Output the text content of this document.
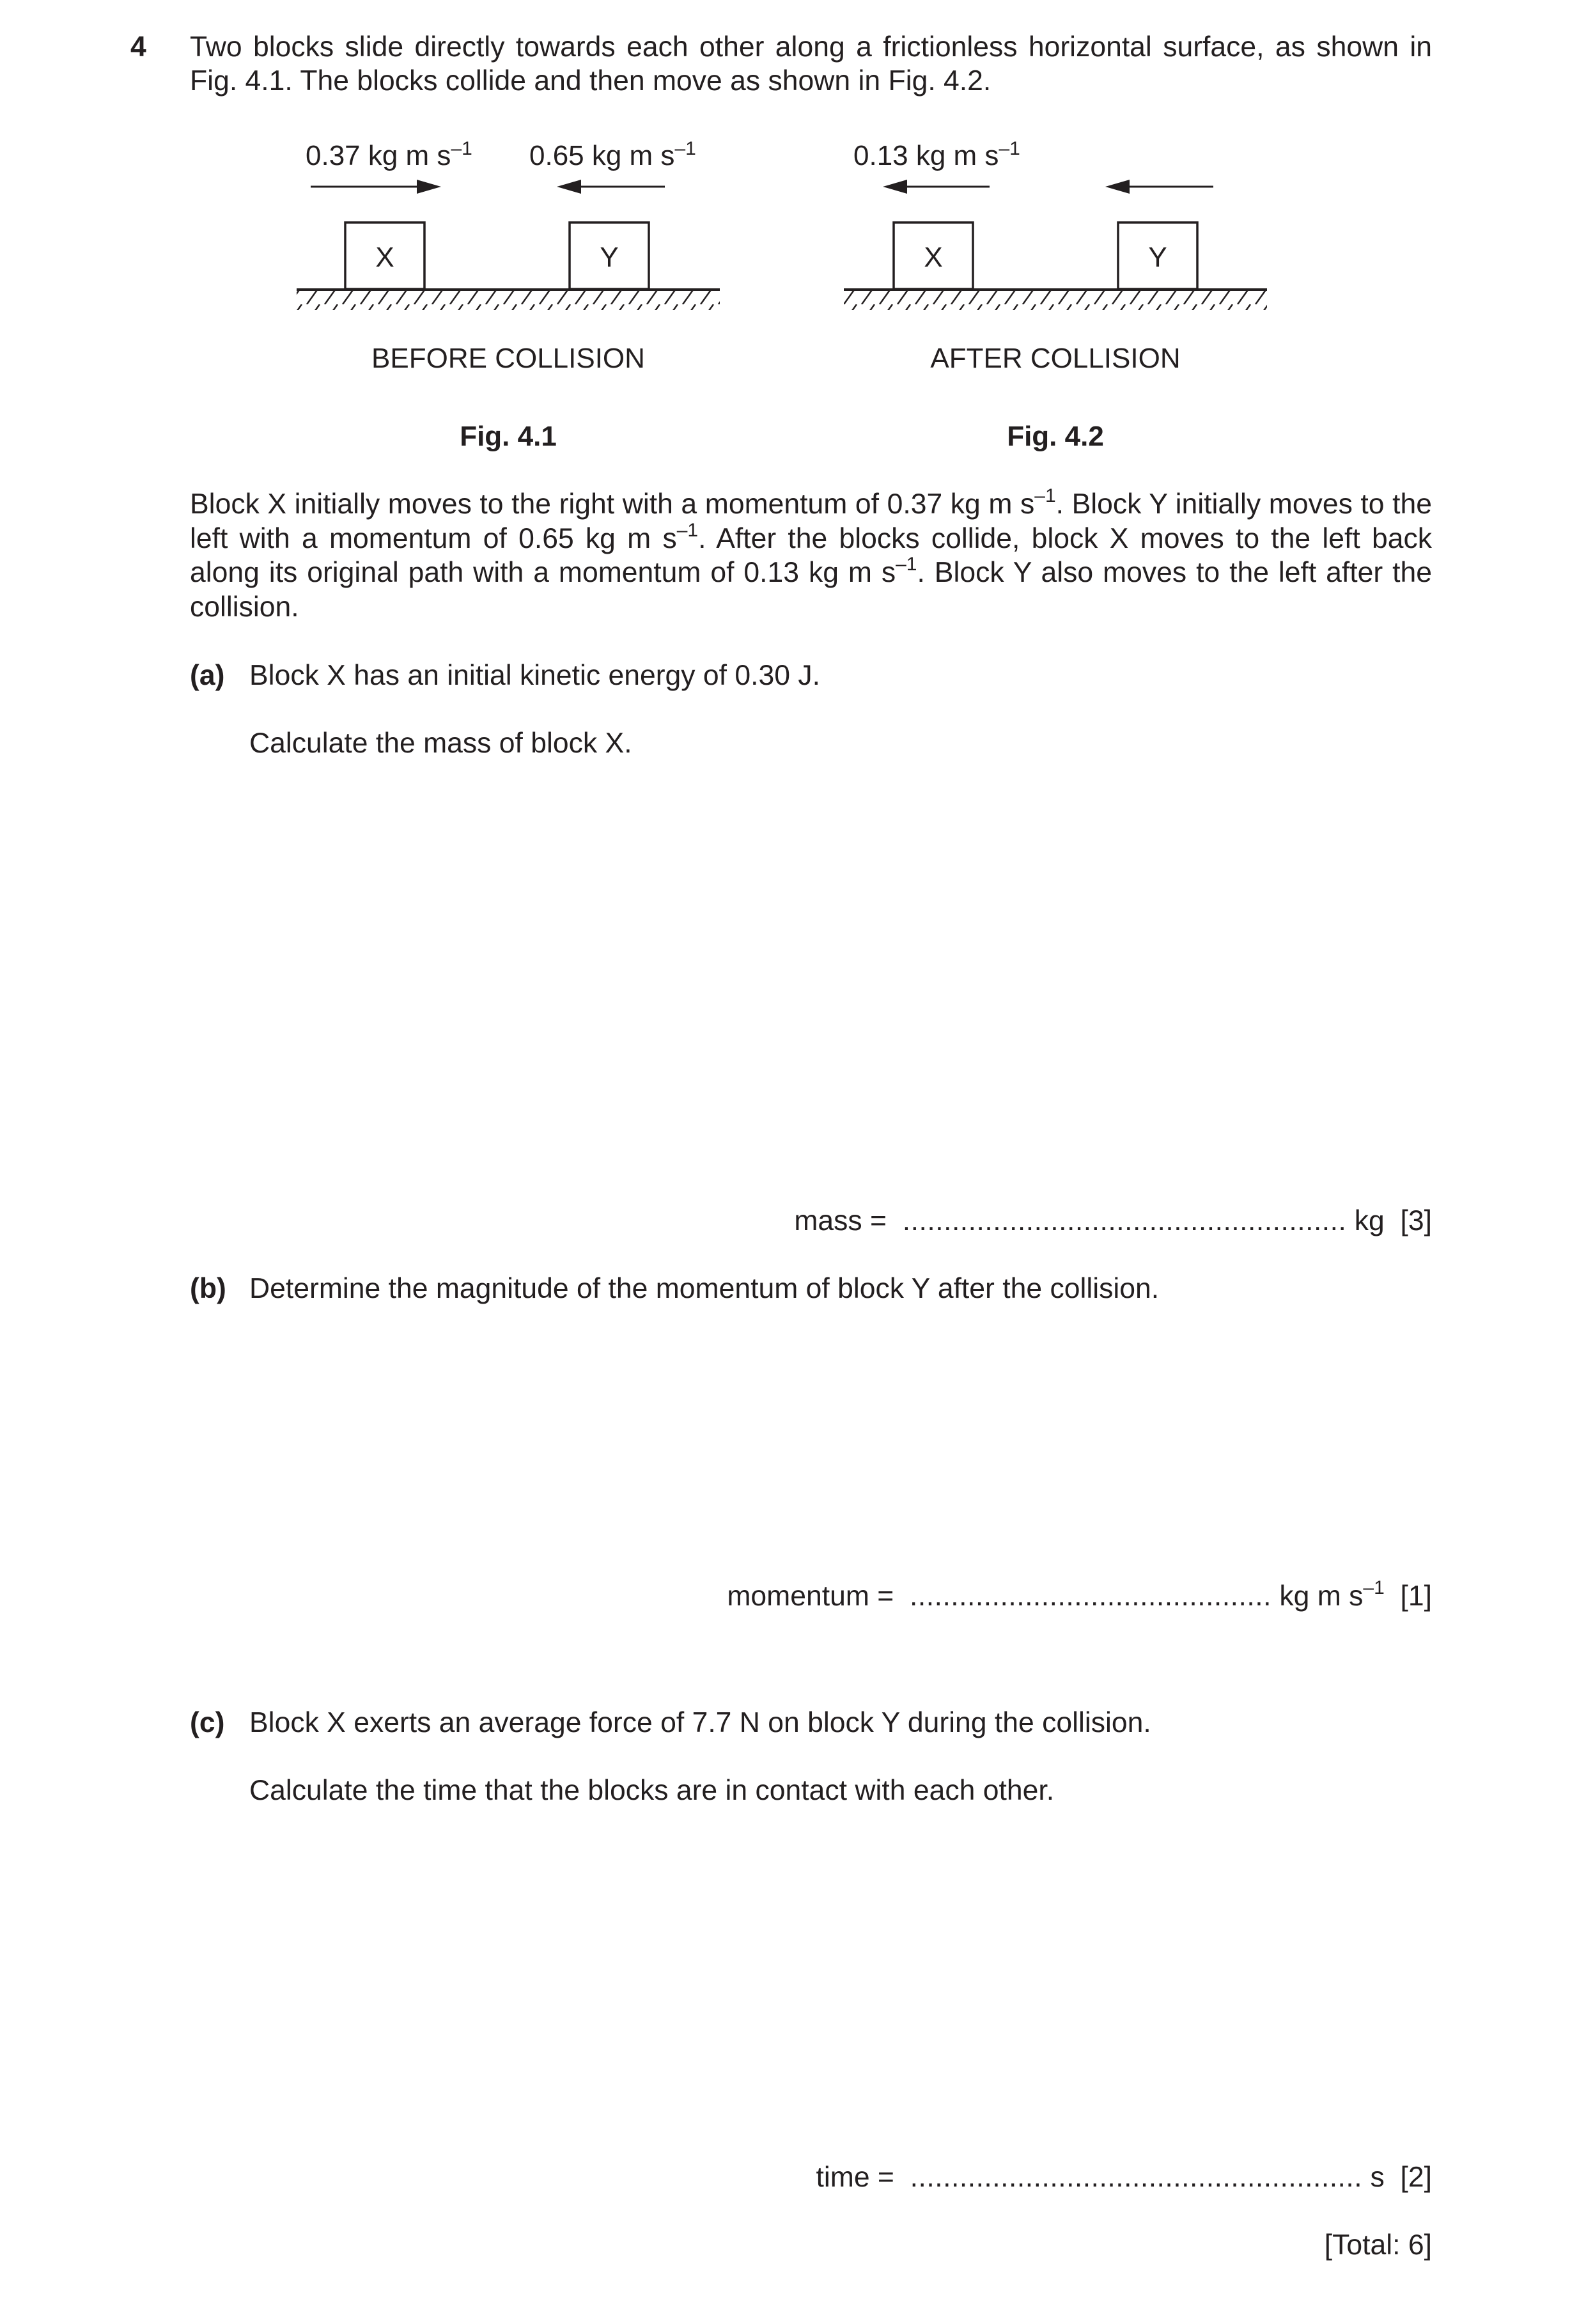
4 Two blocks slide directly towards each other along a frictionless horizontal surface, as shown in
Fig. 4.1. The blocks collide and then move as shown in Fig. 4.2.
0.37 kg m $s^{-1}$ 0.65 kg m $s^{-1}$
X	Y
BEFORE COLLISION
Fig. 4.1
0.13 kg m $s^{-1}$
X	Y
AFTER COLLISION
Fig. 4.2
Block X initially moves to the right with a momentum of 0.37 kg m $s^{-1}$. Block Y initially moves to the left with a momentum of 0.65 kg m $s^{-1}$. After the blocks collide, block X moves to the left back along its original path with a momentum of 0.13 kg m $s^{-1}$. Block Y also moves to the left after the collision.
(a) Block X has an initial kinetic energy of 0.30 J.
Calculate the mass of block X.
mass = ...................................................... kg [3]
(b) Determine the magnitude of the momentum of block Y after the collision.
momentum = ............................................ kg m $s^{-1}$ [1]
(c) Block X exerts an average force of 7.7 N on block Y during the collision.
Calculate the time that the blocks are in contact with each other.
time = ....................................................... s [2]
[Total: 6]
